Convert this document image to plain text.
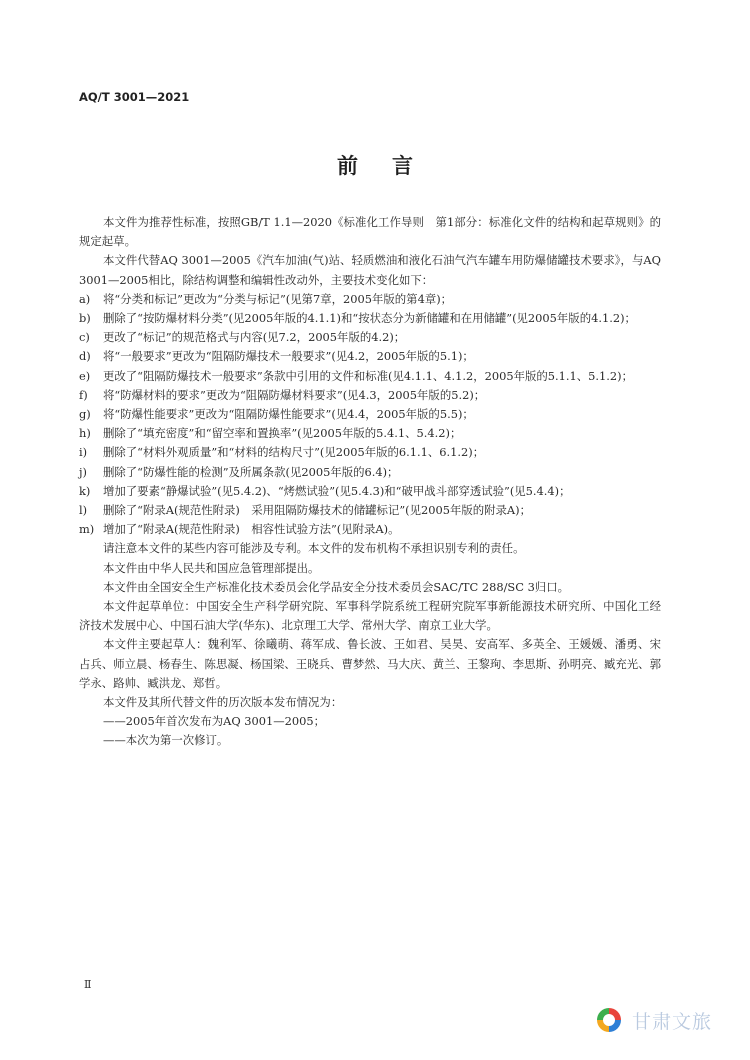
AQ/T 3001—2021
前言

本文件为推荐性标准，按照GB/T 1.1—2020《标准化工作导则　第1部分：标准化文件的结构和起草规则》的规定起草。

本文件代替AQ 3001—2005《汽车加油(气)站、轻质燃油和液化石油气汽车罐车用防爆储罐技术要求》，与AQ 3001—2005相比，除结构调整和编辑性改动外，主要技术变化如下：

a)	将“分类和标记”更改为“分类与标记”(见第7章，2005年版的第4章)；
b)	删除了“按防爆材料分类”(见2005年版的4.1.1)和“按状态分为新储罐和在用储罐”(见2005年版的4.1.2)；
c)	更改了“标记”的规范格式与内容(见7.2，2005年版的4.2)；
d)	将“一般要求”更改为“阻隔防爆技术一般要求”(见4.2，2005年版的5.1)；
e)	更改了“阻隔防爆技术一般要求”条款中引用的文件和标准(见4.1.1、4.1.2，2005年版的5.1.1、5.1.2)；
f)	将“防爆材料的要求”更改为“阻隔防爆材料要求”(见4.3，2005年版的5.2)；
g)	将“防爆性能要求”更改为“阻隔防爆性能要求”(见4.4，2005年版的5.5)；
h)	删除了“填充密度”和“留空率和置换率”(见2005年版的5.4.1、5.4.2)；
i)	删除了“材料外观质量”和“材料的结构尺寸”(见2005年版的6.1.1、6.1.2)；
j)	删除了“防爆性能的检测”及所属条款(见2005年版的6.4)；
k)	增加了要素“静爆试验”(见5.4.2)、“烤燃试验”(见5.4.3)和“破甲战斗部穿透试验”(见5.4.4)；
l)	删除了“附录A(规范性附录)　采用阻隔防爆技术的储罐标记”(见2005年版的附录A)；
m) 增加了“附录A(规范性附录)　相容性试验方法”(见附录A)。

请注意本文件的某些内容可能涉及专利。本文件的发布机构不承担识别专利的责任。

本文件由中华人民共和国应急管理部提出。

本文件由全国安全生产标准化技术委员会化学品安全分技术委员会SAC/TC 288/SC 3归口。

本文件起草单位：中国安全生产科学研究院、军事科学院系统工程研究院军事新能源技术研究所、中国化工经济技术发展中心、中国石油大学(华东)、北京理工大学、常州大学、南京工业大学。

本文件主要起草人：魏利军、徐曦萌、蒋军成、鲁长波、王如君、吴昊、安高军、多英全、王媛媛、潘勇、宋占兵、师立晨、杨春生、陈思凝、杨国梁、王晓兵、曹梦然、马大庆、黄兰、王黎珣、李思斯、孙明亮、臧充光、郭学永、路帅、臧洪龙、郑哲。

本文件及其所代替文件的历次版本发布情况为：

——2005年首次发布为AQ 3001—2005；

——本次为第一次修订。

Ⅱ
甘肃文旅
